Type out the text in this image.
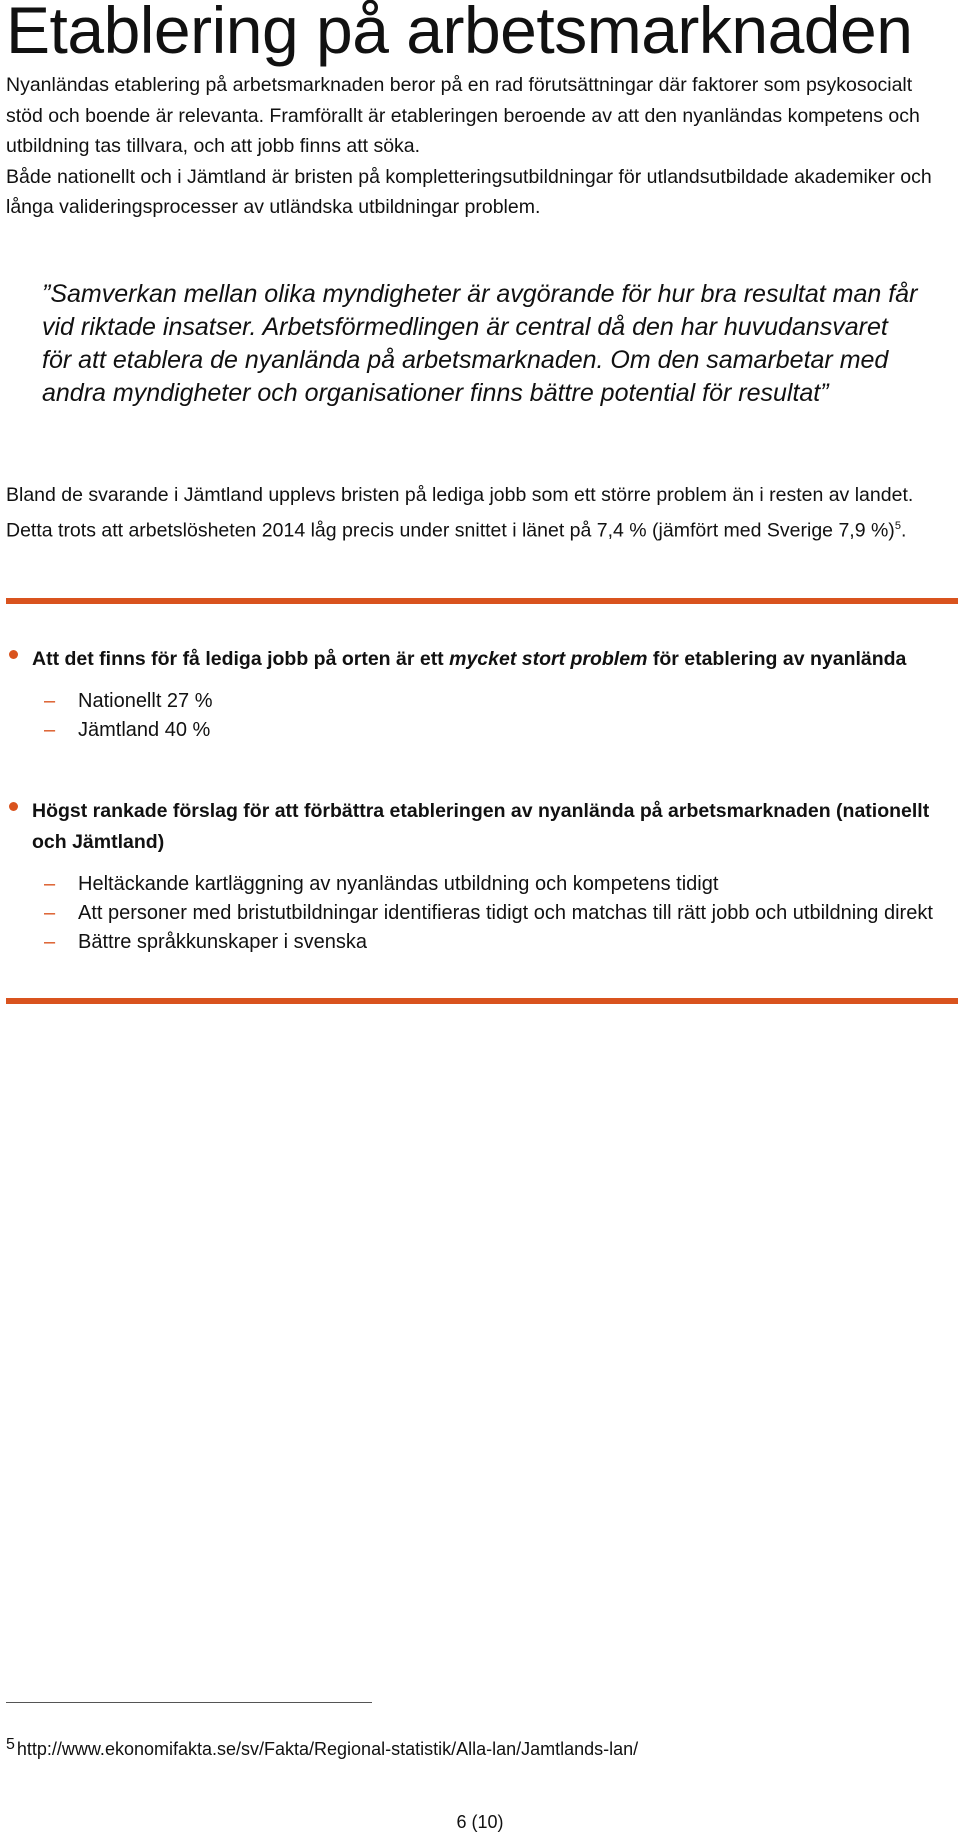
Etablering på arbetsmarknaden

Nyanländas etablering på arbetsmarknaden beror på en rad förutsättningar där faktorer som psykosocialt stöd och boende är relevanta. Framförallt är etableringen beroende av att den nyanländas kompetens och utbildning tas tillvara, och att jobb finns att söka.

Både nationellt och i Jämtland är bristen på kompletteringsutbildningar för utlandsutbildade akademiker och långa valideringsprocesser av utländska utbildningar problem.

”Samverkan mellan olika myndigheter är avgörande för hur bra resultat man får vid riktade insatser. Arbetsförmedlingen är central då den har huvudansvaret för att etablera de nyanlända på arbetsmarknaden. Om den samarbetar med andra myndigheter och organisationer finns bättre potential för resultat”

Bland de svarande i Jämtland upplevs bristen på lediga jobb som ett större problem än i resten av landet. Detta trots att arbetslösheten 2014 låg precis under snittet i länet på 7,4 % (jämfört med Sverige 7,9 %)$^5$.

Att det finns för få lediga jobb på orten är ett mycket stort problem för etablering av nyanlända
–	Nationellt 27 %
–	Jämtland 40 %
Högst rankade förslag för att förbättra etableringen av nyanlända på arbetsmarknaden (nationellt och Jämtland)
–	Heltäckande kartläggning av nyanländas utbildning och kompetens tidigt
–	Att personer med bristutbildningar identifieras tidigt och matchas till rätt jobb och utbildning direkt
–	Bättre språkkunskaper i svenska
5 http://www.ekonomifakta.se/sv/Fakta/Regional-statistik/Alla-lan/Jamtlands-lan/
6 (10)
